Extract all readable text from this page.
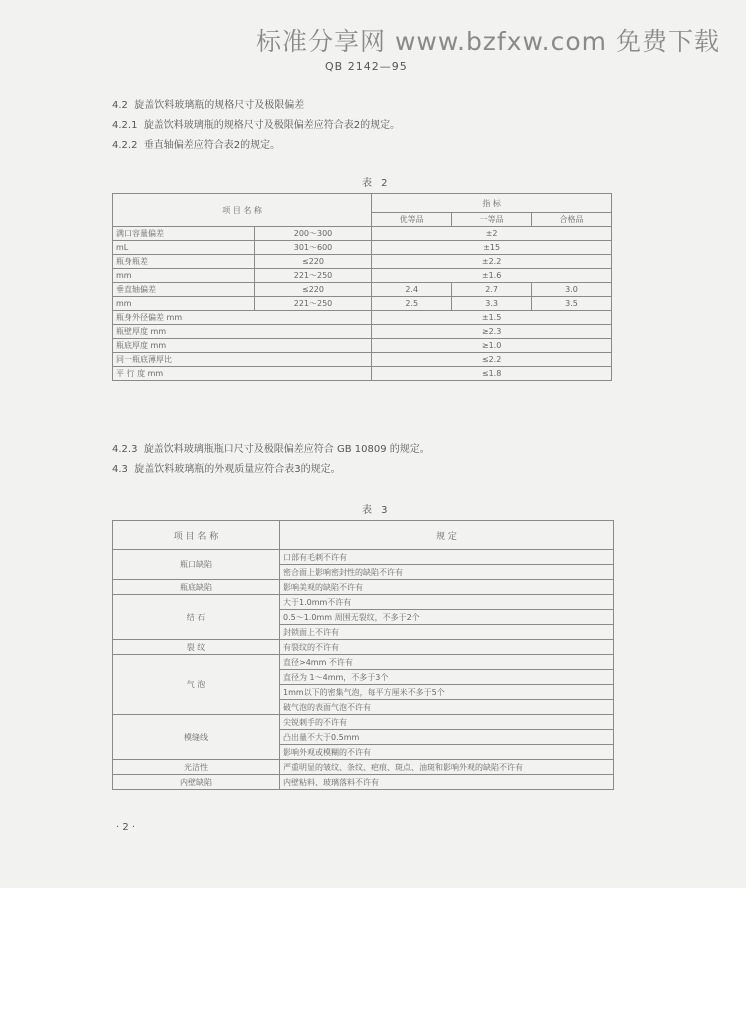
标准分享网 www.bzfxw.com 免费下载
QB 2142—95
4.2 旋盖饮料玻璃瓶的规格尺寸及极限偏差
4.2.1 旋盖饮料玻璃瓶的规格尺寸及极限偏差应符合表2的规定。
4.2.2 垂直轴偏差应符合表2的规定。
表 2
项 目 名 称		指 标		
		优等品	一等品	合格品
满口容量偏差	200～300	±2		
mL	301～600	±15		
瓶身瓶差	≤220	±2.2		
mm	221～250	±1.6		
垂直轴偏差	≤220	2.4	2.7	3.0
mm	221～250	2.5	3.3	3.5
瓶身外径偏差 mm		±1.5		
瓶壁厚度 mm		≥2.3		
瓶底厚度 mm		≥1.0		
同一瓶底薄厚比		≤2.2		
平 行 度 mm		≤1.8		
4.2.3 旋盖饮料玻璃瓶瓶口尺寸及极限偏差应符合 GB 10809 的规定。
4.3 旋盖饮料玻璃瓶的外观质量应符合表3的规定。
表 3
项 目 名 称	规 定
瓶口缺陷	口部有毛刺不许有
	密合面上影响密封性的缺陷不许有
瓶底缺陷	影响美观的缺陷不许有
结 石	大于1.0mm不许有
	0.5～1.0mm 周围无裂纹，不多于2个
	封锁面上不许有
裂 纹	有裂纹的不许有
气 泡	直径>4mm 不许有
	直径为 1～4mm，不多于3个
	1mm以下的密集气泡，每平方厘米不多于5个
	破气泡的表面气泡不许有
模缝线	尖锐刺手的不许有
	凸出量不大于0.5mm
	影响外观或模糊的不许有
光洁性	严重明显的皱纹、条纹、疤痕、斑点、油斑和影响外观的缺陷不许有
内壁缺陷	内壁粘料、玻璃落料不许有
· 2 ·
